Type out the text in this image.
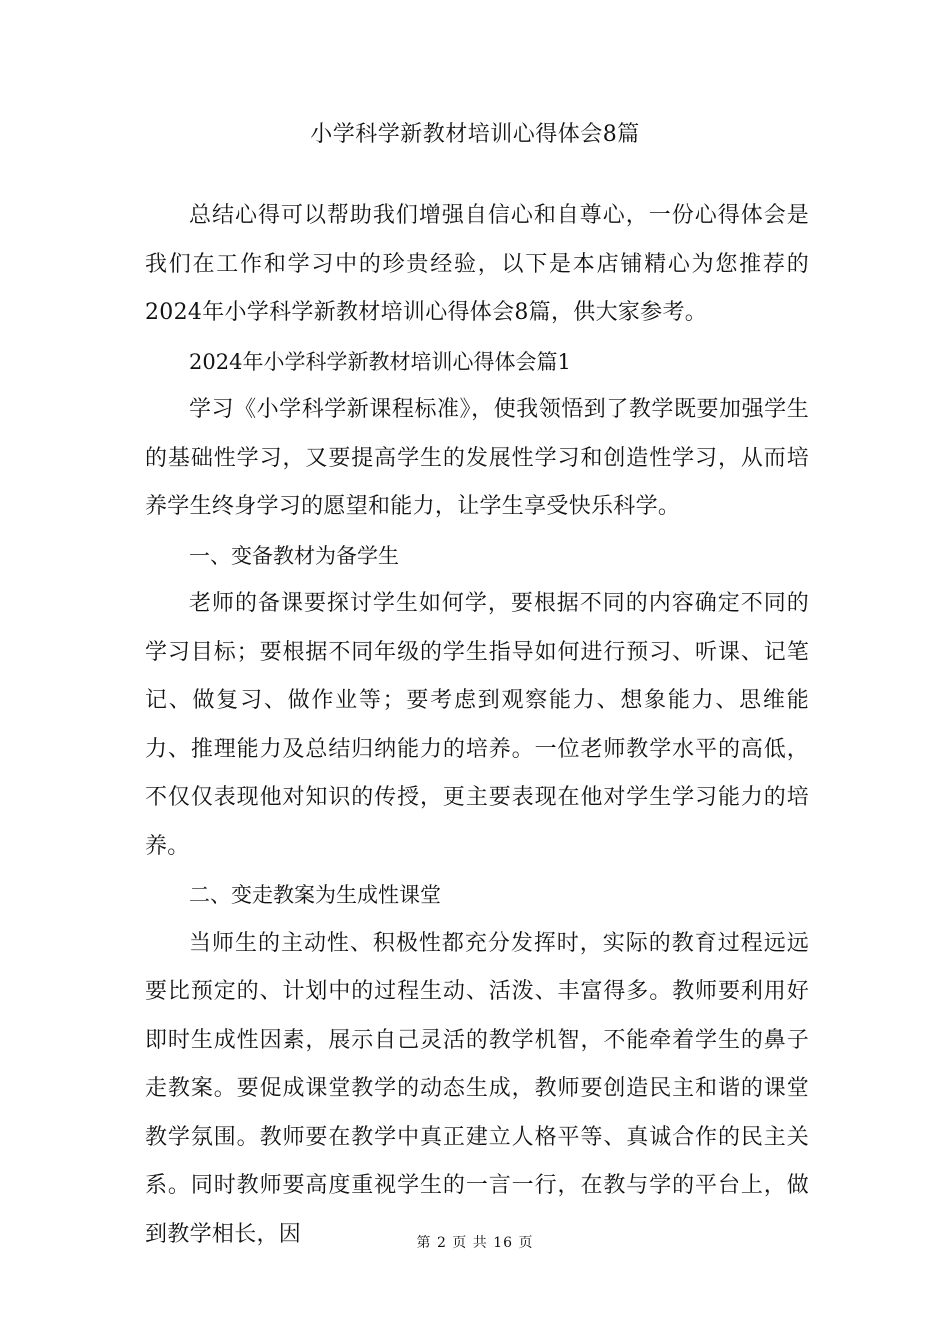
小学科学新教材培训心得体会8篇

总结心得可以帮助我们增强自信心和自尊心，一份心得体会是我们在工作和学习中的珍贵经验，以下是本店铺精心为您推荐的 2024年小学科学新教材培训心得体会8篇，供大家参考。

2024年小学科学新教材培训心得体会篇1

学习《小学科学新课程标准》，使我领悟到了教学既要加强学生的基础性学习，又要提高学生的发展性学习和创造性学习，从而培养学生终身学习的愿望和能力，让学生享受快乐科学。

一、变备教材为备学生

老师的备课要探讨学生如何学，要根据不同的内容确定不同的学习目标；要根据不同年级的学生指导如何进行预习、听课、记笔记、做复习、做作业等；要考虑到观察能力、想象能力、思维能力、推理能力及总结归纳能力的培养。一位老师教学水平的高低，不仅仅表现他对知识的传授，更主要表现在他对学生学习能力的培养。

二、变走教案为生成性课堂

当师生的主动性、积极性都充分发挥时，实际的教育过程远远要比预定的、计划中的过程生动、活泼、丰富得多。教师要利用好即时生成性因素，展示自己灵活的教学机智，不能牵着学生的鼻子走教案。要促成课堂教学的动态生成，教师要创造民主和谐的课堂教学氛围。教师要在教学中真正建立人格平等、真诚合作的民主关系。同时教师要高度重视学生的一言一行，在教与学的平台上，做到教学相长，因	第 2 页 共 16 页
